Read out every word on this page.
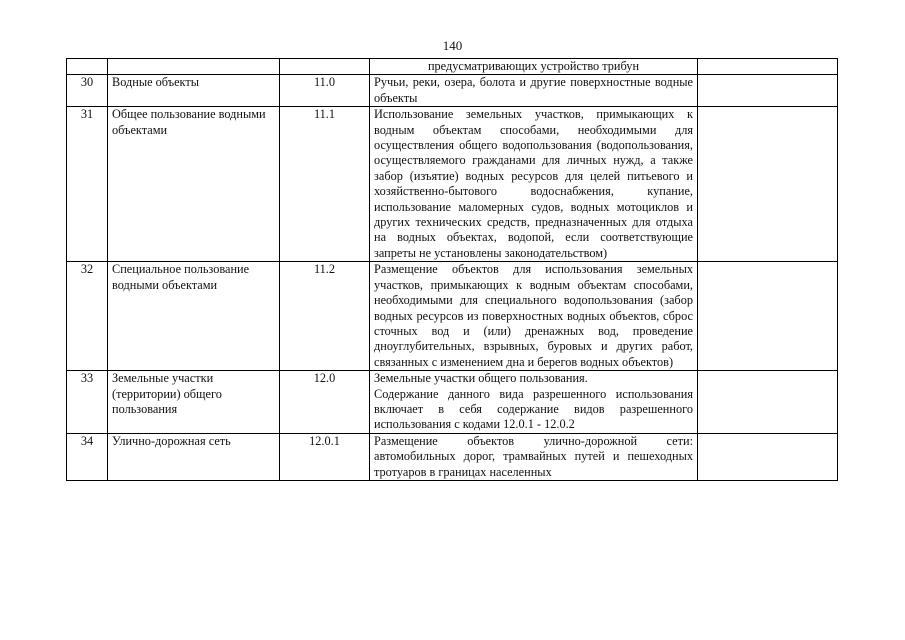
140
			предусматривающих устройство трибун	
30	Водные объекты	11.0	Ручьи, реки, озера, болота и другие поверхностные водные объекты	

31	Общее пользование водными объектами	11.1	Использование земельных участков, примыкающих к водным объектам способами, необходимыми для осуществления общего водопользования (водопользования, осуществляемого гражданами для личных нужд, а также забор (изъятие) водных ресурсов для целей питьевого и хозяйственно-бытового водоснабжения, купание, использование маломерных судов, водных мотоциклов и других технических средств, предназначенных для отдыха на водных объектах, водопой, если соответствующие запреты не установлены законодательством)	

32	Специальное пользование водными объектами	11.2	Размещение объектов для использования земельных участков, примыкающих к водным объектам способами, необходимыми для специального водопользования (забор водных ресурсов из поверхностных водных объектов, сброс сточных вод и (или) дренажных вод, проведение дноуглубительных, взрывных, буровых и других работ, связанных с изменением дна и берегов водных объектов)	

33	Земельные участки (территории) общего пользования	12.0	Земельные участки общего пользования.
Содержание данного вида разрешенного использования включает в себя содержание видов разрешенного использования с кодами 12.0.1 - 12.0.2	

34	Улично-дорожная сеть	12.0.1	Размещение объектов улично-дорожной сети: автомобильных дорог, трамвайных путей и пешеходных тротуаров в границах населенных	
